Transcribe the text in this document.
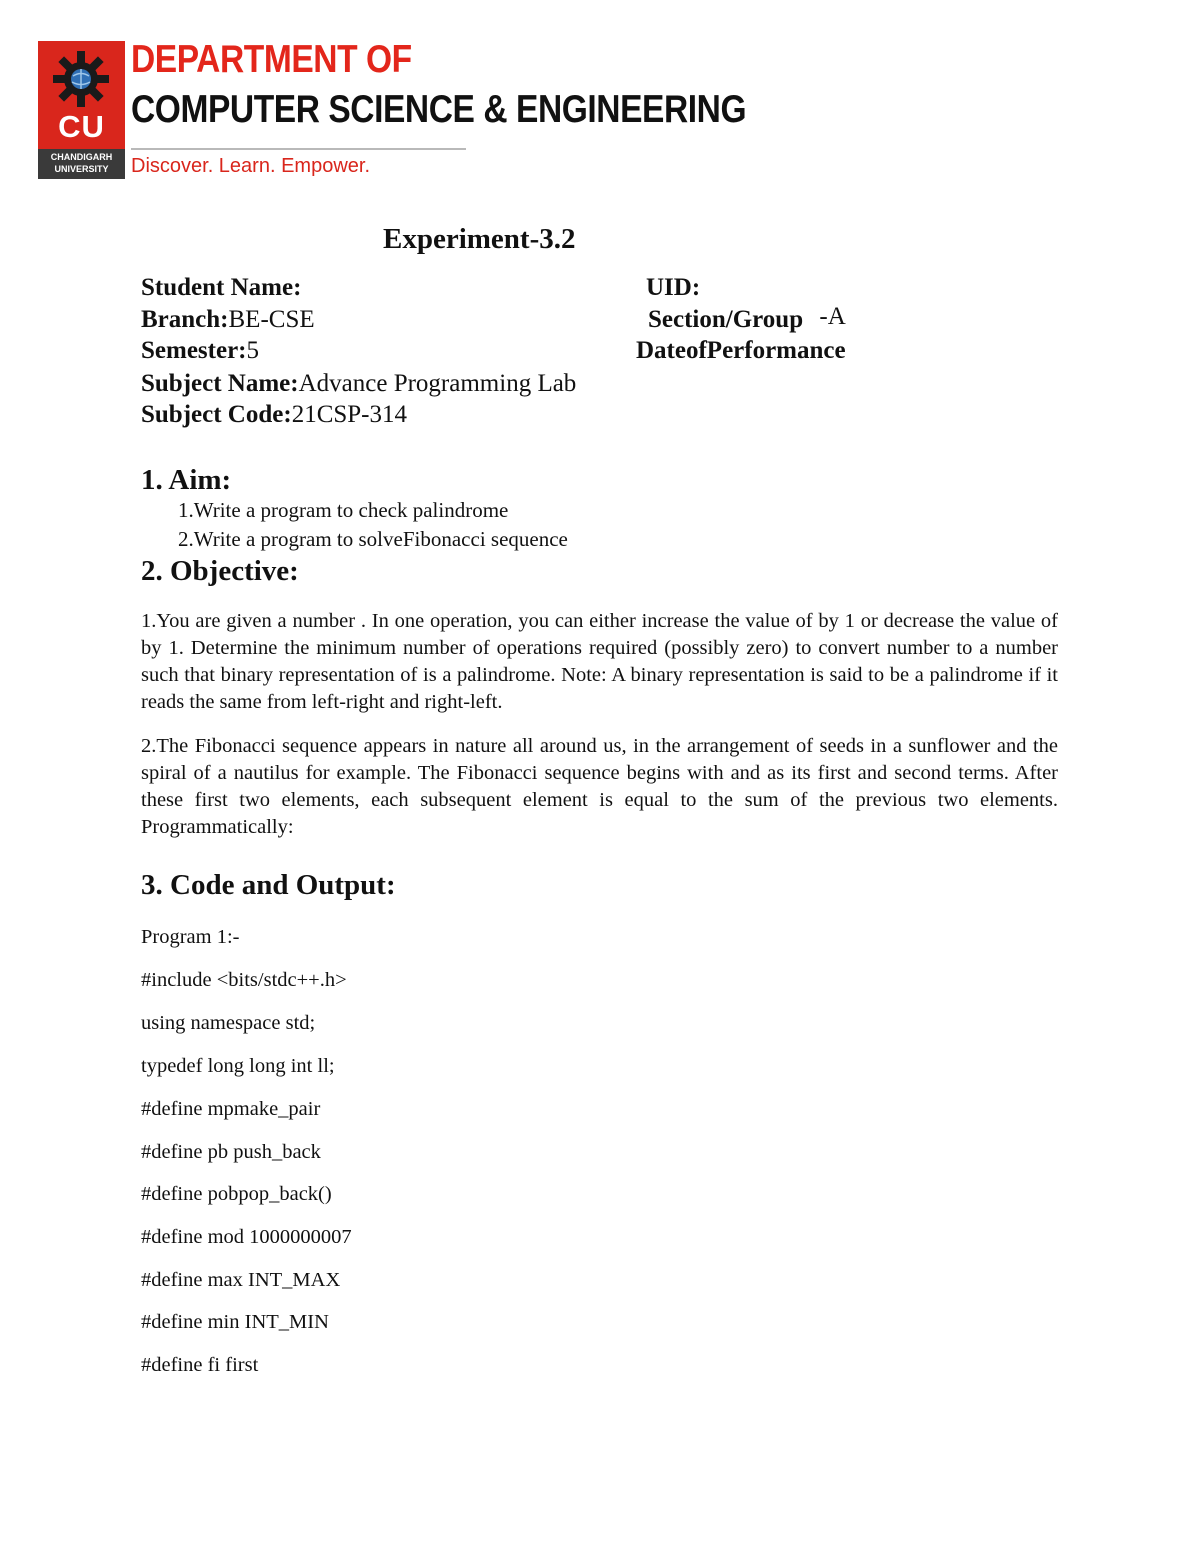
CU
CHANDIGARH
UNIVERSITY
DEPARTMENT OF
COMPUTER SCIENCE & ENGINEERING
Discover. Learn. Empower.
Experiment-3.2
Student Name:	UID:
Branch:BE-CSE	Section/Group -A
Semester:5	DateofPerformance
Subject Name:Advance Programming Lab
Subject Code:21CSP-314
1. Aim:
1.Write a program to check palindrome
2.Write a program to solveFibonacci sequence
2. Objective:
1.You are given a number . In one operation, you can either increase the value of by 1 or decrease the value of by 1. Determine the minimum number of operations required (possibly zero) to convert number to a number such that binary representation of is a palindrome. Note: A binary representation is said to be a palindrome if it reads the same from left-right and right-left.
2.The Fibonacci sequence appears in nature all around us, in the arrangement of seeds in a sunflower and the spiral of a nautilus for example. The Fibonacci sequence begins with and as its first and second terms. After these first two elements, each subsequent element is equal to the sum of the previous two elements. Programmatically:
3. Code and Output:
Program 1:-
#include <bits/stdc++.h>
using namespace std;
typedef long long int ll;
#define mpmake_pair
#define pb push_back
#define pobpop_back()
#define mod 1000000007
#define max INT_MAX
#define min INT_MIN
#define fi first
